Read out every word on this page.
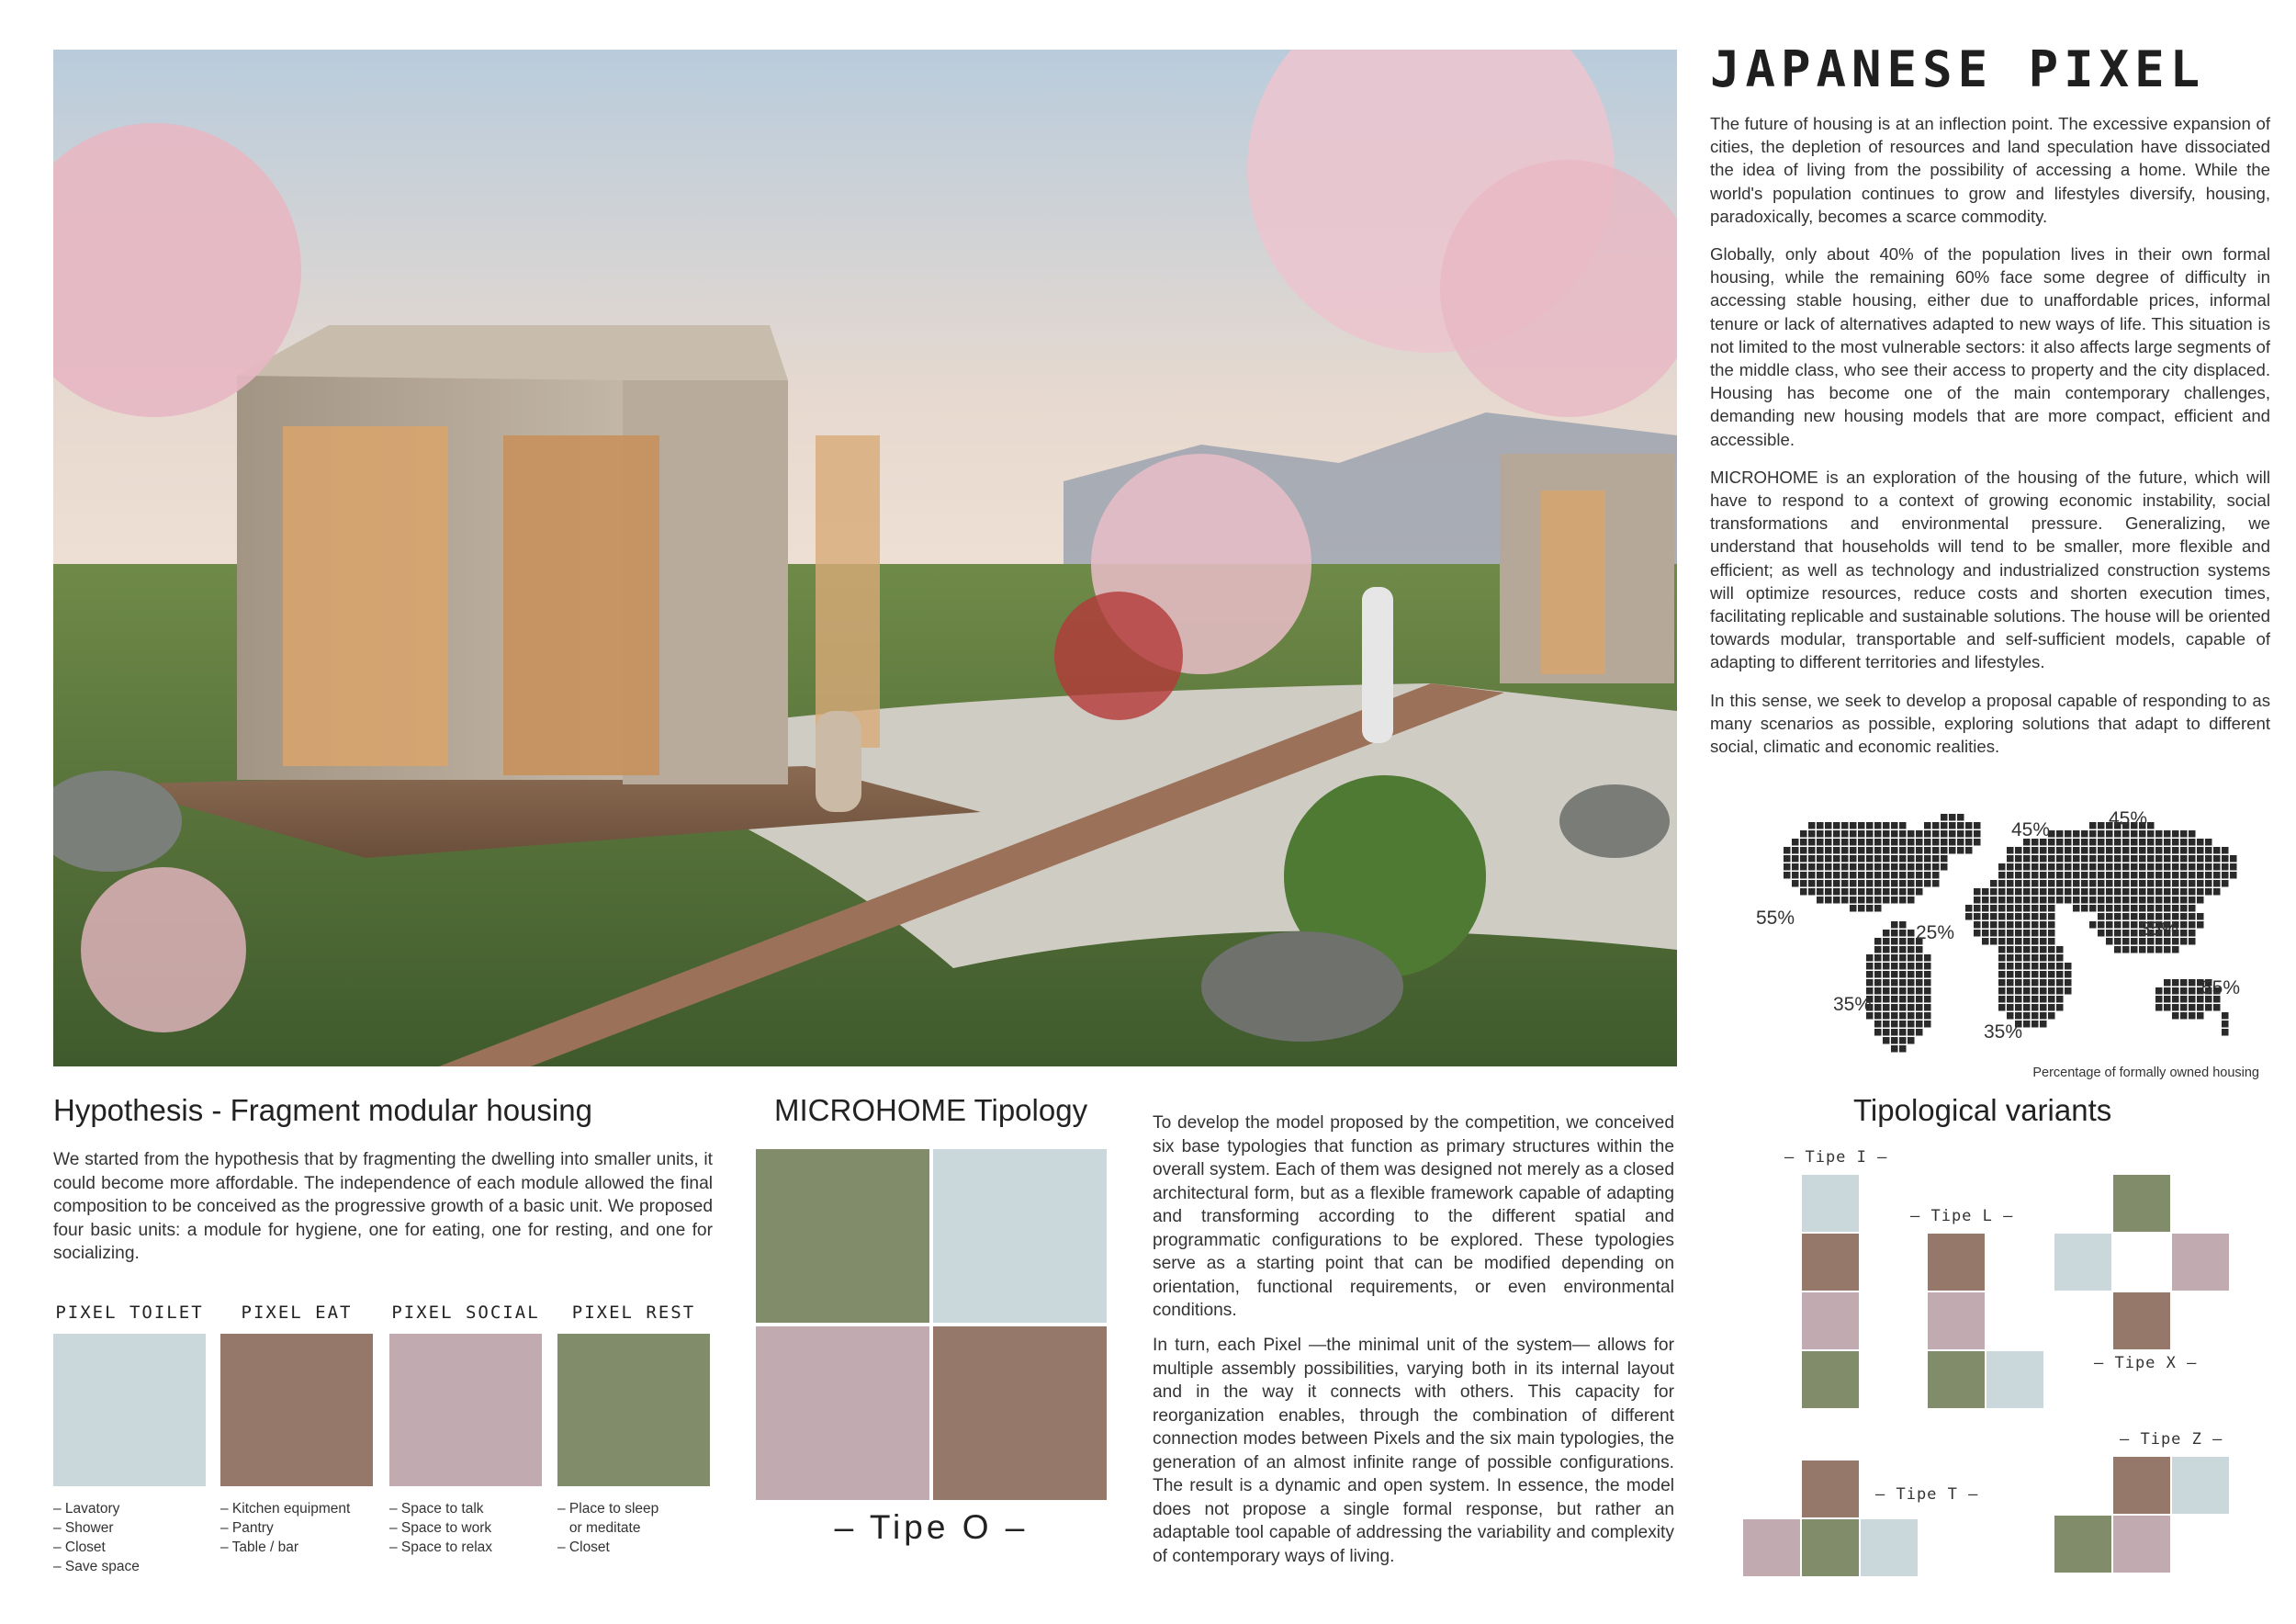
JAPANESE PIXEL

The future of housing is at an inflection point. The excessive expansion of cities, the depletion of resources and land speculation have dissociated the idea of living from the possibility of accessing a home. While the world's population continues to grow and lifestyles diversify, housing, paradoxically, becomes a scarce commodity.

Globally, only about 40% of the population lives in their own formal housing, while the remaining 60% face some degree of difficulty in accessing stable housing, either due to unaffordable prices, informal tenure or lack of alternatives adapted to new ways of life. This situation is not limited to the most vulnerable sectors: it also affects large segments of the middle class, who see their access to property and the city displaced. Housing has become one of the main contemporary challenges, demanding new housing models that are more compact, efficient and accessible.

MICROHOME is an exploration of the housing of the future, which will have to respond to a context of growing economic instability, social transformations and environmental pressure. Generalizing, we understand that households will tend to be smaller, more flexible and efficient; as well as technology and industrialized construction systems will optimize resources, reduce costs and shorten execution times, facilitating replicable and sustainable solutions. The house will be oriented towards modular, transportable and self-sufficient models, capable of adapting to different territories and lifestyles.

In this sense, we seek to develop a proposal capable of responding to as many scenarios as possible, exploring solutions that adapt to different social, climatic and economic realities.

55%
45%
45%
25%	35%
35%
35%
55%
Percentage of formally owned housing
Hypothesis - Fragment modular housing
We started from the hypothesis that by fragmenting the dwelling into smaller units, it could become more affordable. The independence of each module allowed the final composition to be conceived as the progressive growth of a basic unit. We proposed four basic units: a module for hygiene, one for eating, one for resting, and one for socializing.
PIXEL TOILET
– Lavatory
– Shower
– Closet
– Save space
PIXEL EAT
– Kitchen equipment
– Pantry
– Table / bar
PIXEL SOCIAL
– Space to talk
– Space to work
– Space to relax
PIXEL REST
– Place to sleep
or meditate
– Closet
MICROHOME Tipology
– Tipe O –
To develop the model proposed by the competition, we conceived six base typologies that function as primary structures within the overall system. Each of them was designed not merely as a closed architectural form, but as a flexible framework capable of adapting and transforming according to the different spatial and programmatic configurations to be explored. These typologies serve as a starting point that can be modified depending on orientation, functional requirements, or even environmental conditions.
In turn, each Pixel —the minimal unit of the system— allows for multiple assembly possibilities, varying both in its internal layout and in the way it connects with others. This capacity for reorganization enables, through the combination of different connection modes between Pixels and the six main typologies, the generation of an almost infinite range of possible configurations. The result is a dynamic and open system. In essence, the model does not propose a single formal response, but rather an adaptable tool capable of addressing the variability and complexity of contemporary ways of living.
Tipological variants
– Tipe I –
– Tipe L –
– Tipe X –
– Tipe T –
– Tipe Z –
